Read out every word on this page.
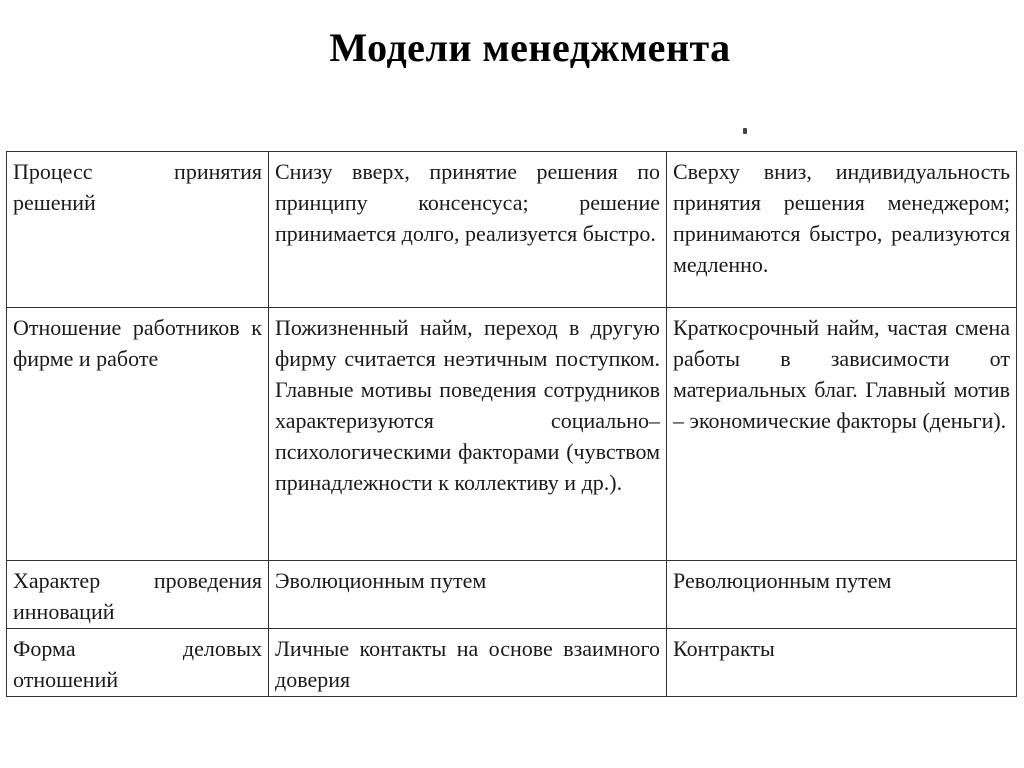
Модели менеджмента
Процесс принятия решений	Снизу вверх, принятие решения по принципу консенсуса; решение принимается долго, реализуется быстро.	Сверху вниз, индивидуальность принятия решения менеджером; принимаются быстро, реализуются медленно.
Отношение работников к фирме и работе	Пожизненный найм, переход в другую фирму считается неэтичным поступком. Главные мотивы поведения сотрудников характеризуются социально–психологическими факторами (чувством принадлежности к коллективу и др.).	Краткосрочный найм, частая смена работы в зависимости от материальных благ. Главный мотив – экономические факторы (деньги).
Характер проведения инноваций	Эволюционным путем	Революционным путем
Форма деловых отношений	Личные контакты на основе взаимного доверия	Контракты
